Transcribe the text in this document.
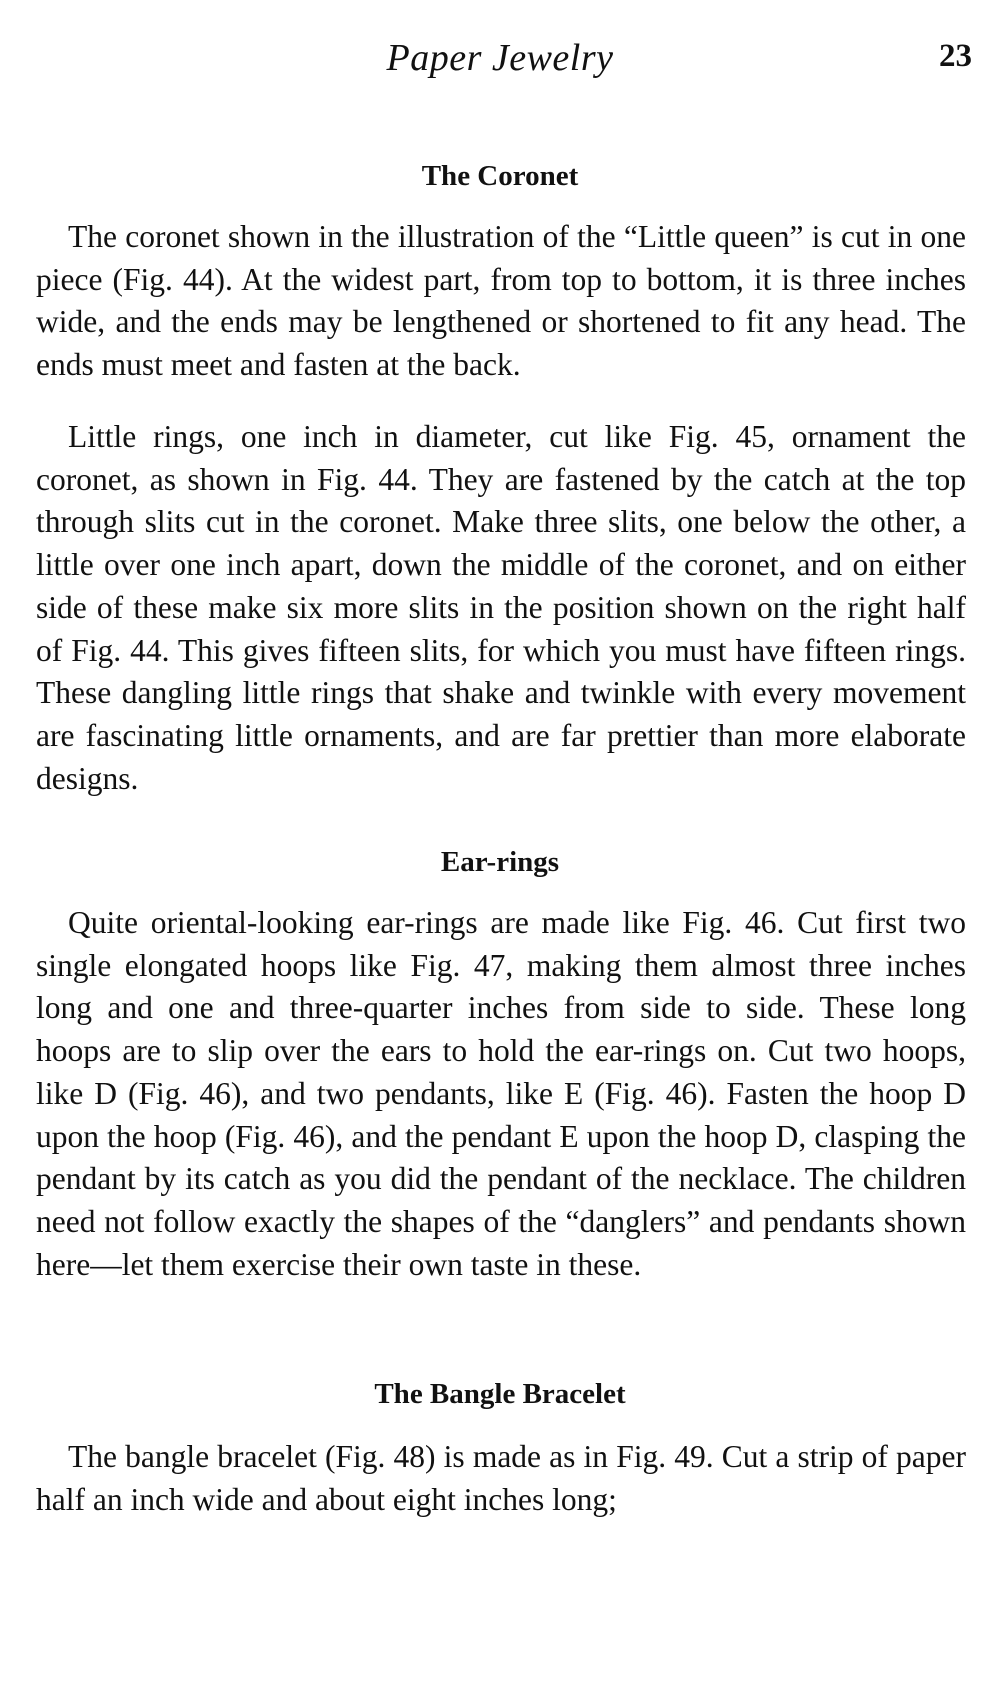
Paper Jewelry	23
The Coronet

The coronet shown in the illustration of the “Little queen” is cut in one piece (Fig. 44). At the widest part, from top to bottom, it is three inches wide, and the ends may be lengthened or shortened to fit any head. The ends must meet and fasten at the back.

Little rings, one inch in diameter, cut like Fig. 45, ornament the coronet, as shown in Fig. 44. They are fastened by the catch at the top through slits cut in the coronet. Make three slits, one below the other, a little over one inch apart, down the middle of the coronet, and on either side of these make six more slits in the position shown on the right half of Fig. 44. This gives fifteen slits, for which you must have fifteen rings. These dangling little rings that shake and twinkle with every movement are fascinating little ornaments, and are far prettier than more elaborate designs.

Ear-rings

Quite oriental-looking ear-rings are made like Fig. 46. Cut first two single elongated hoops like Fig. 47, making them almost three inches long and one and three-quarter inches from side to side. These long hoops are to slip over the ears to hold the ear-rings on. Cut two hoops, like D (Fig. 46), and two pendants, like E (Fig. 46). Fasten the hoop D upon the hoop (Fig. 46), and the pendant E upon the hoop D, clasping the pendant by its catch as you did the pendant of the necklace. The children need not follow exactly the shapes of the “danglers” and pendants shown here—let them exercise their own taste in these.

The Bangle Bracelet

The bangle bracelet (Fig. 48) is made as in Fig. 49. Cut a strip of paper half an inch wide and about eight inches long;
